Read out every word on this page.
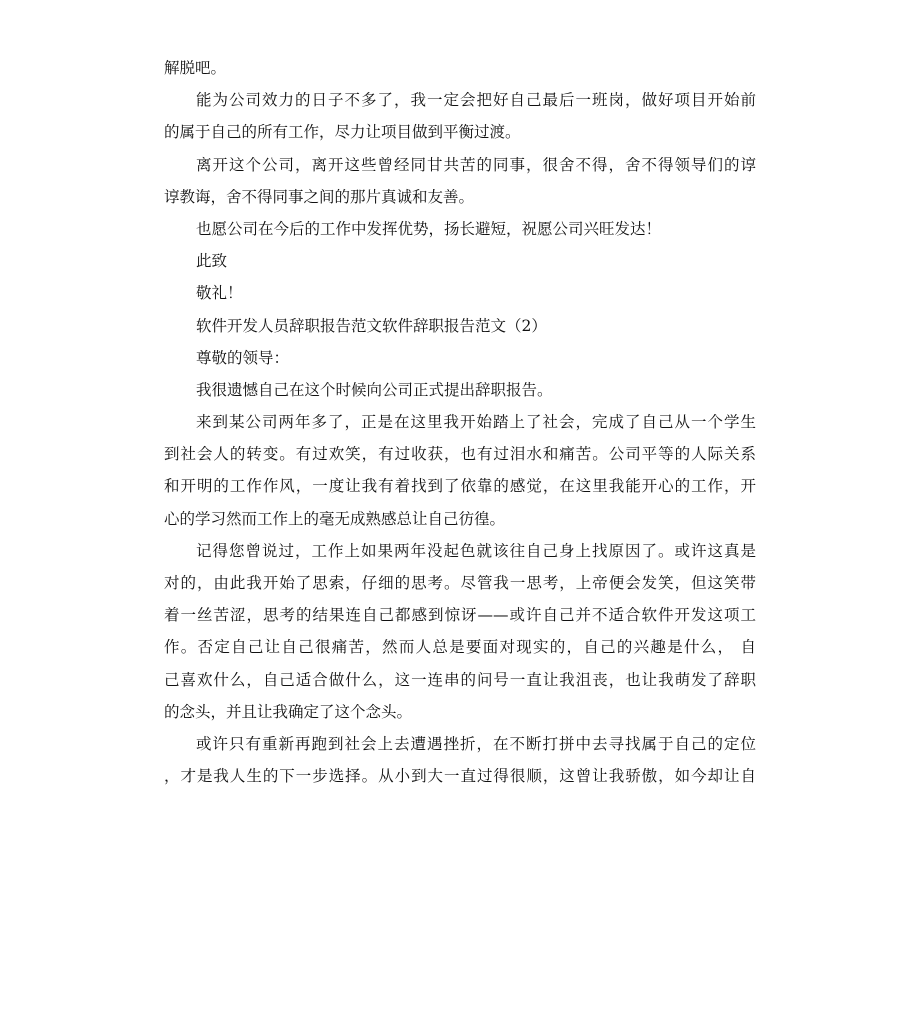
解脱吧。
能为公司效力的日子不多了，我一定会把好自己最后一班岗，做好项目开始前
的属于自己的所有工作，尽力让项目做到平衡过渡。
离开这个公司，离开这些曾经同甘共苦的同事，很舍不得，舍不得领导们的谆
谆教诲，舍不得同事之间的那片真诚和友善。
也愿公司在今后的工作中发挥优势，扬长避短，祝愿公司兴旺发达！
此致
敬礼！
软件开发人员辞职报告范文软件辞职报告范文（2）
尊敬的领导：
我很遗憾自己在这个时候向公司正式提出辞职报告。
来到某公司两年多了，正是在这里我开始踏上了社会，完成了自己从一个学生
到社会人的转变。有过欢笑，有过收获，也有过泪水和痛苦。公司平等的人际关系
和开明的工作作风，一度让我有着找到了依靠的感觉，在这里我能开心的工作，开
心的学习然而工作上的毫无成熟感总让自己彷徨。
记得您曾说过，工作上如果两年没起色就该往自己身上找原因了。或许这真是
对的，由此我开始了思索，仔细的思考。尽管我一思考，上帝便会发笑，但这笑带
着一丝苦涩，思考的结果连自己都感到惊讶——或许自己并不适合软件开发这项工
作。否定自己让自己很痛苦，然而人总是要面对现实的，自己的兴趣是什么， 自
己喜欢什么，自己适合做什么，这一连串的问号一直让我沮丧，也让我萌发了辞职
的念头，并且让我确定了这个念头。
或许只有重新再跑到社会上去遭遇挫折，在不断打拼中去寻找属于自己的定位
，才是我人生的下一步选择。从小到大一直过得很顺，这曾让我骄傲，如今却让自
